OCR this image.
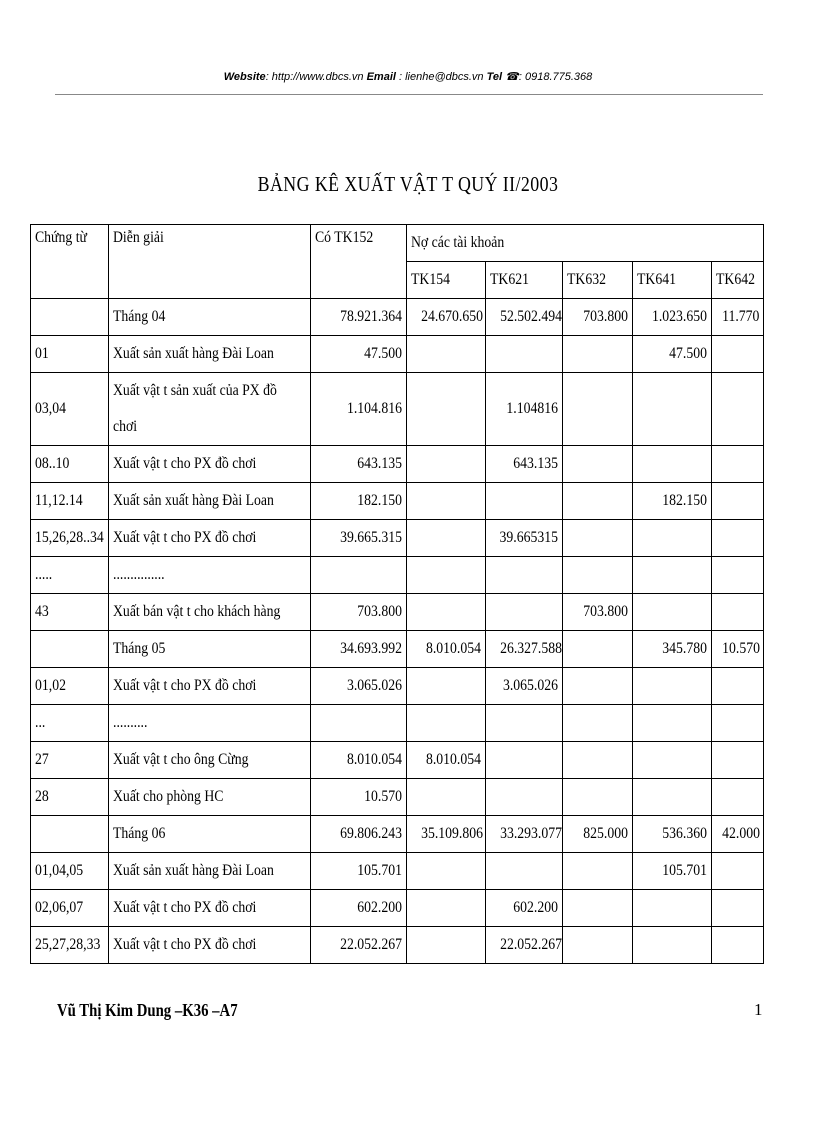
Website: http://www.dbcs.vn Email : lienhe@dbcs.vn Tel ☎: 0918.775.368
BẢNG KÊ XUẤT VẬT T QUÝ II/2003
Chứng từ	Diễn giải	Có TK152	Nợ các tài khoản				
			TK154	TK621	TK632	TK641	TK642
	Tháng 04	78.921.364	24.670.650	52.502.494	703.800	1.023.650	11.770
01	Xuất sản xuất hàng Đài Loan	47.500				47.500	
03,04	Xuất vật t sản xuất của PX đồ chơi	1.104.816		1.104816			
08..10	Xuất vật t cho PX đồ chơi	643.135		643.135			
11,12.14	Xuất sản xuất hàng Đài Loan	182.150				182.150	
15,26,28..34	Xuất vật t cho PX đồ chơi	39.665.315		39.665315			
.....	...............						
43	Xuất bán vật t cho khách hàng	703.800			703.800		
	Tháng 05	34.693.992	8.010.054	26.327.588		345.780	10.570
01,02	Xuất vật t cho PX đồ chơi	3.065.026		3.065.026			
...	..........						
27	Xuất vật t cho ông Cừng	8.010.054	8.010.054				
28	Xuất cho phòng HC	10.570					
	Tháng 06	69.806.243	35.109.806	33.293.077	825.000	536.360	42.000
01,04,05	Xuất sản xuất hàng Đài Loan	105.701				105.701	
02,06,07	Xuất vật t cho PX đồ chơi	602.200		602.200			
25,27,28,33	Xuất vật t cho PX đồ chơi	22.052.267		22.052.267			
Vũ Thị Kim Dung –K36 –A7	1
